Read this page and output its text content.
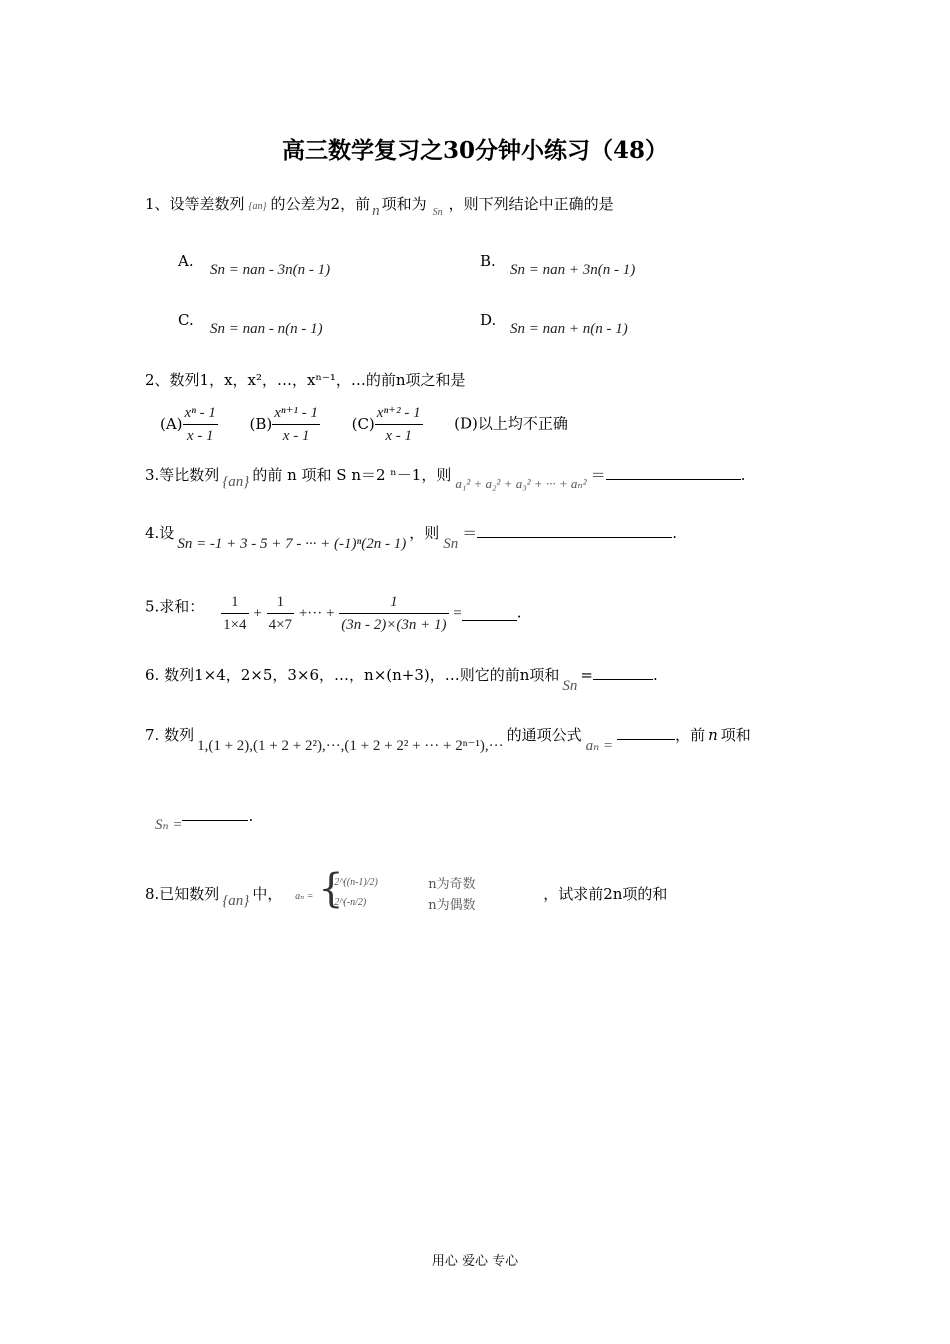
高三数学复习之30分钟小练习（48）
1、设等差数列 {an} 的公差为2，前 n 项和为 Sn ，则下列结论中正确的是
A. Sn = nan - 3n(n - 1)	B. Sn = nan + 3n(n - 1)
C. Sn = nan - n(n - 1)	D. Sn = nan + n(n - 1)
2、数列1，x，x²，…，xⁿ⁻¹，…的前n项之和是
$(A) \frac{\text{xⁿ - 1}}{x - 1} (B) \frac{\text{xⁿ⁺¹ - 1}}{x - 1} (C) \frac{\text{xⁿ⁺² - 1}}{x - 1} (D)$以上均不正确
3.等比数列 {an} 的前 n 项和 S n＝2 ⁿ－1，则 a₁² + a₂² + a₃² + ··· + aₙ² ＝	.
4.设Sn = -1 + 3 - 5 + 7 - ··· + (-1)ⁿ(2n - 1)，则Sn＝	.
5.求和： $\frac{1}{1\times 4} + \frac{1}{4\times 7}$ +··· + $\frac{1}{(3n - 2)\times(3n + 1)}$ =	.
6. 数列1×4，2×5，3×6，…，n×(n+3)，…则它的前n项和Sn=	.
7. 数列1,(1 + 2),(1 + 2 + 2²),···,(1 + 2 + 2² + ··· + 2ⁿ⁻¹),···的通项公式aₙ =，前 n 项和
Sₙ =	.
8.已知数列 {an} 中， aₙ = {
2^((n-1)/2)	n为奇数
2^(-n/2)	n为偶数
，试求前2n项的和
用心 爱心 专心
